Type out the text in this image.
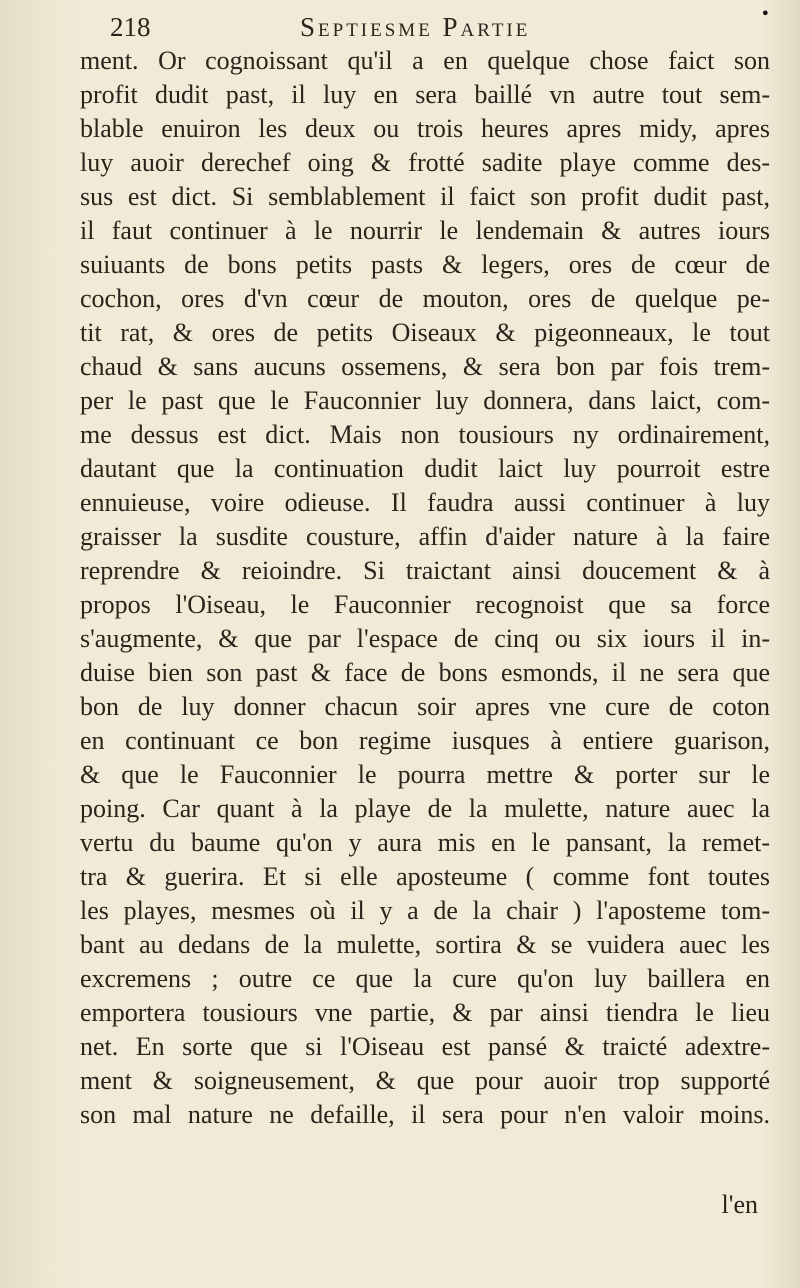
•
218	Septiesme Partie
ment. Or cognoissant qu'il a en quelque chose faict son
profit dudit past, il luy en sera baillé vn autre tout sem-
blable enuiron les deux ou trois heures apres midy, apres
luy auoir derechef oing & frotté sadite playe comme des-
sus est dict. Si semblablement il faict son profit dudit past,
il faut continuer à le nourrir le lendemain & autres iours
suiuants de bons petits pasts & legers, ores de cœur de
cochon, ores d'vn cœur de mouton, ores de quelque pe-
tit rat, & ores de petits Oiseaux & pigeonneaux, le tout
chaud & sans aucuns ossemens, & sera bon par fois trem-
per le past que le Fauconnier luy donnera, dans laict, com-
me dessus est dict. Mais non tousiours ny ordinairement,
dautant que la continuation dudit laict luy pourroit estre
ennuieuse, voire odieuse. Il faudra aussi continuer à luy
graisser la susdite cousture, affin d'aider nature à la faire
reprendre & reioindre. Si traictant ainsi doucement & à
propos l'Oiseau, le Fauconnier recognoist que sa force
s'augmente, & que par l'espace de cinq ou six iours il in-
duise bien son past & face de bons esmonds, il ne sera que
bon de luy donner chacun soir apres vne cure de coton
en continuant ce bon regime iusques à entiere guarison,
& que le Fauconnier le pourra mettre & porter sur le
poing. Car quant à la playe de la mulette, nature auec la
vertu du baume qu'on y aura mis en le pansant, la remet-
tra & guerira. Et si elle aposteume ( comme font toutes
les playes, mesmes où il y a de la chair ) l'aposteme tom-
bant au dedans de la mulette, sortira & se vuidera auec les
excremens ; outre ce que la cure qu'on luy baillera en
emportera tousiours vne partie, & par ainsi tiendra le lieu
net. En sorte que si l'Oiseau est pansé & traicté adextre-
ment & soigneusement, & que pour auoir trop supporté
son mal nature ne defaille, il sera pour n'en valoir moins.
l'en
